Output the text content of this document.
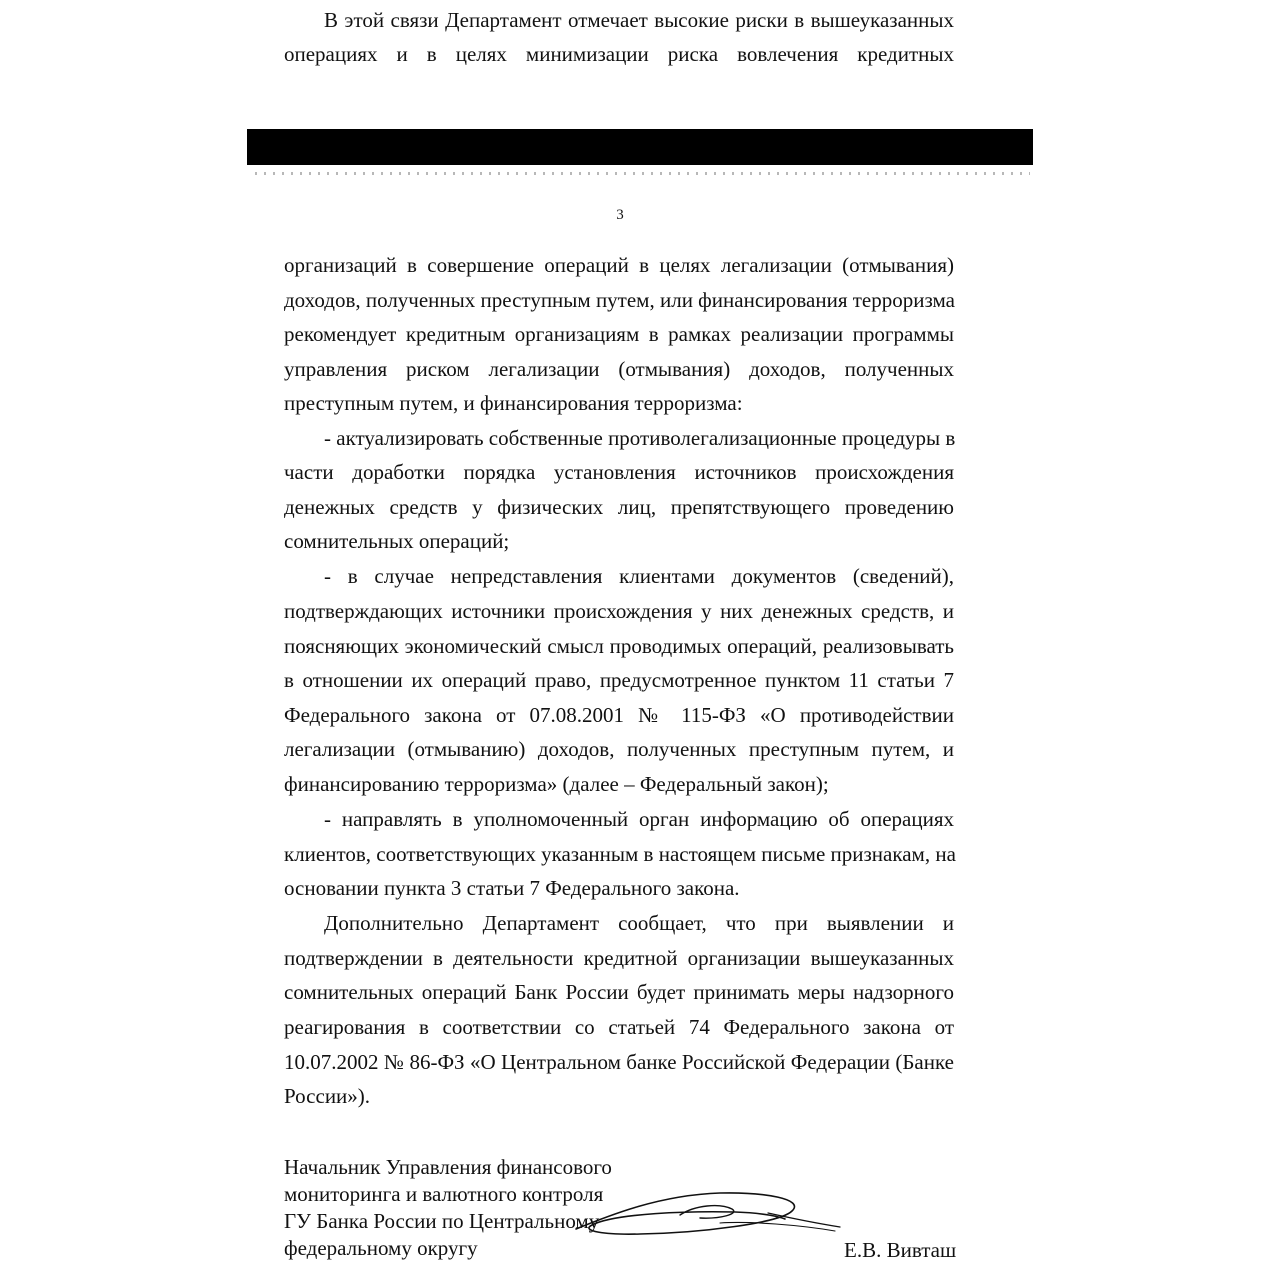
В этой связи Департамент отмечает высокие риски в вышеуказанных
операциях и в целях минимизации риска вовлечения кредитных
3
организаций в совершение операций в целях легализации (отмывания)
доходов, полученных преступным путем, или финансирования терроризма
рекомендует кредитным организациям в рамках реализации программы
управления риском легализации (отмывания) доходов, полученных
преступным путем, и финансирования терроризма:
- актуализировать собственные противолегализационные процедуры в
части доработки порядка установления источников происхождения
денежных средств у физических лиц, препятствующего проведению
сомнительных операций;
- в случае непредставления клиентами документов (сведений),
подтверждающих источники происхождения у них денежных средств, и
поясняющих экономический смысл проводимых операций, реализовывать
в отношении их операций право, предусмотренное пунктом 11 статьи 7
Федерального закона от 07.08.2001 № 115-ФЗ «О противодействии
легализации (отмыванию) доходов, полученных преступным путем, и
финансированию терроризма» (далее – Федеральный закон);
- направлять в уполномоченный орган информацию об операциях
клиентов, соответствующих указанным в настоящем письме признакам, на
основании пункта 3 статьи 7 Федерального закона.
Дополнительно Департамент сообщает, что при выявлении и
подтверждении в деятельности кредитной организации вышеуказанных
сомнительных операций Банк России будет принимать меры надзорного
реагирования в соответствии со статьей 74 Федерального закона от
10.07.2002 № 86-ФЗ «О Центральном банке Российской Федерации (Банке
России»).
Начальник Управления финансового
мониторинга и валютного контроля
ГУ Банка России по Центральному
федеральному округу	Е.В. Вивташ
